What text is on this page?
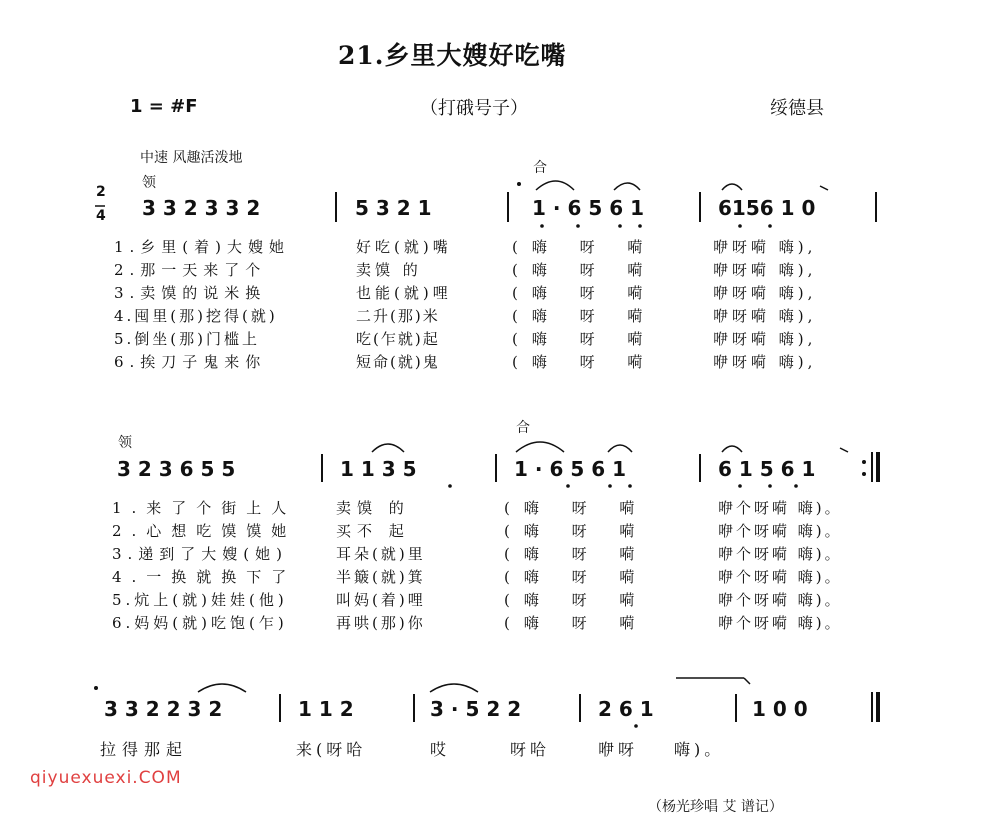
21.乡里大嫂好吃嘴
1 = #F	（打硪号子）	绥德县
中速 风趣活泼地
领
合
2
4 3 3 2 3 3 2	5 3 2 1	1 · 6 5 6 1	6156 1 0
1.乡里(着)大嫂她	好吃(就)嘴	(嗨 呀 嗬	咿呀嗬 嗨),
2.那一天来了个	卖馍 的	(嗨 呀 嗬	咿呀嗬 嗨),
3.卖馍的说米换	也能(就)哩	(嗨 呀 嗬	咿呀嗬 嗨),
4.囤里(那)挖得(就)	二升(那)米	(嗨 呀 嗬	咿呀嗬 嗨),
5.倒坐(那)门槛上	吃(乍就)起	(嗨 呀 嗬	咿呀嗬 嗨),
6.挨刀子鬼来你	短命(就)鬼	(嗨 呀 嗬	咿呀嗬 嗨),
领
合
3 2 3 6 5 5	1 1 3 5	1 · 6 5 6 1	6 1 5 6 1
1.来了个街上人	卖馍 的	(嗨 呀 嗬	咿个呀嗬 嗨)。
2.心想吃馍馍她	买不 起	(嗨 呀 嗬	咿个呀嗬 嗨)。
3.递到了大嫂(她)	耳朵(就)里	(嗨 呀 嗬	咿个呀嗬 嗨)。
4.一换就换下了	半簸(就)箕	(嗨 呀 嗬	咿个呀嗬 嗨)。
5.炕上(就)娃娃(他)	叫妈(着)哩	(嗨 呀 嗬	咿个呀嗬 嗨)。
6.妈妈(就)吃饱(乍)	再哄(那)你	(嗨 呀 嗬	咿个呀嗬 嗨)。
3 3 2 2 3 2	1 1 2	3 · 5 2 2	2 6 1	1 0 0
拉得那起	来(呀哈	哎	呀哈	咿呀 嗨)。
qiyuexuexi.COM
（杨光珍唱 艾 谱记）
